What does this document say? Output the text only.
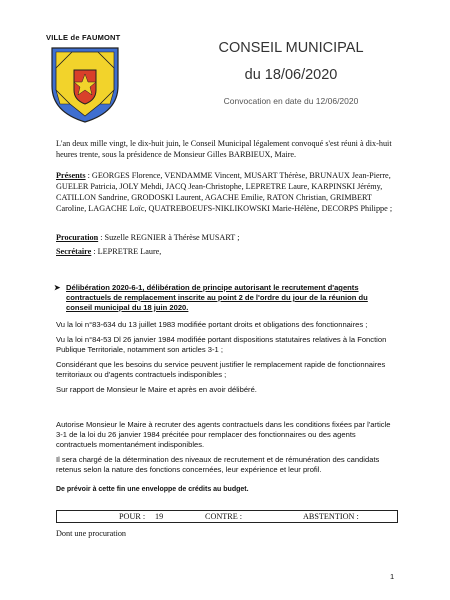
VILLE de FAUMONT
CONSEIL MUNICIPAL
du 18/06/2020
Convocation en date du 12/06/2020
L'an deux mille vingt, le dix-huit juin, le Conseil Municipal légalement convoqué s'est réuni à dix-huit heures trente, sous la présidence de Monsieur Gilles BARBIEUX, Maire.
Présents : GEORGES Florence, VENDAMME Vincent, MUSART Thérèse, BRUNAUX Jean-Pierre, GUELER Patricia, JOLY Mehdi, JACQ Jean-Christophe, LEPRETRE Laure, KARPINSKI Jérémy, CATILLON Sandrine, GRODOSKI Laurent, AGACHE Emilie, RATON Christian, GRIMBERT Caroline, LAGACHE Loïc, QUATREBOEUFS-NIKLIKOWSKI Marie-Hélène, DECORPS Philippe ;
Procuration : Suzelle REGNIER à Thérèse MUSART ;
Secrétaire : LEPRETRE Laure,
➤ Délibération 2020-6-1, délibération de principe autorisant le recrutement d'agents contractuels de remplacement inscrite au point 2 de l'ordre du jour de la réunion du conseil municipal du 18 juin 2020.
Vu la loi n°83-634 du 13 juillet 1983 modifiée portant droits et obligations des fonctionnaires ;
Vu la loi n°84-53 Dl 26 janvier 1984 modifiée portant dispositions statutaires relatives à la Fonction Publique Territoriale, notamment son articles 3-1 ;
Considérant que les besoins du service peuvent justifier le remplacement rapide de fonctionnaires territoriaux ou d'agents contractuels indisponibles ;
Sur rapport de Monsieur le Maire et après en avoir délibéré.
Autorise Monsieur le Maire à recruter des agents contractuels dans les conditions fixées par l'article 3-1 de la loi du 26 janvier 1984 précitée pour remplacer des fonctionnaires ou des agents contractuels momentanément indisponibles.
Il sera chargé de la détermination des niveaux de recrutement et de rémunération des candidats retenus selon la nature des fonctions concernées, leur expérience et leur profil.
De prévoir à cette fin une enveloppe de crédits au budget.
POUR : 19	CONTRE :	ABSTENTION :
Dont une procuration
1
